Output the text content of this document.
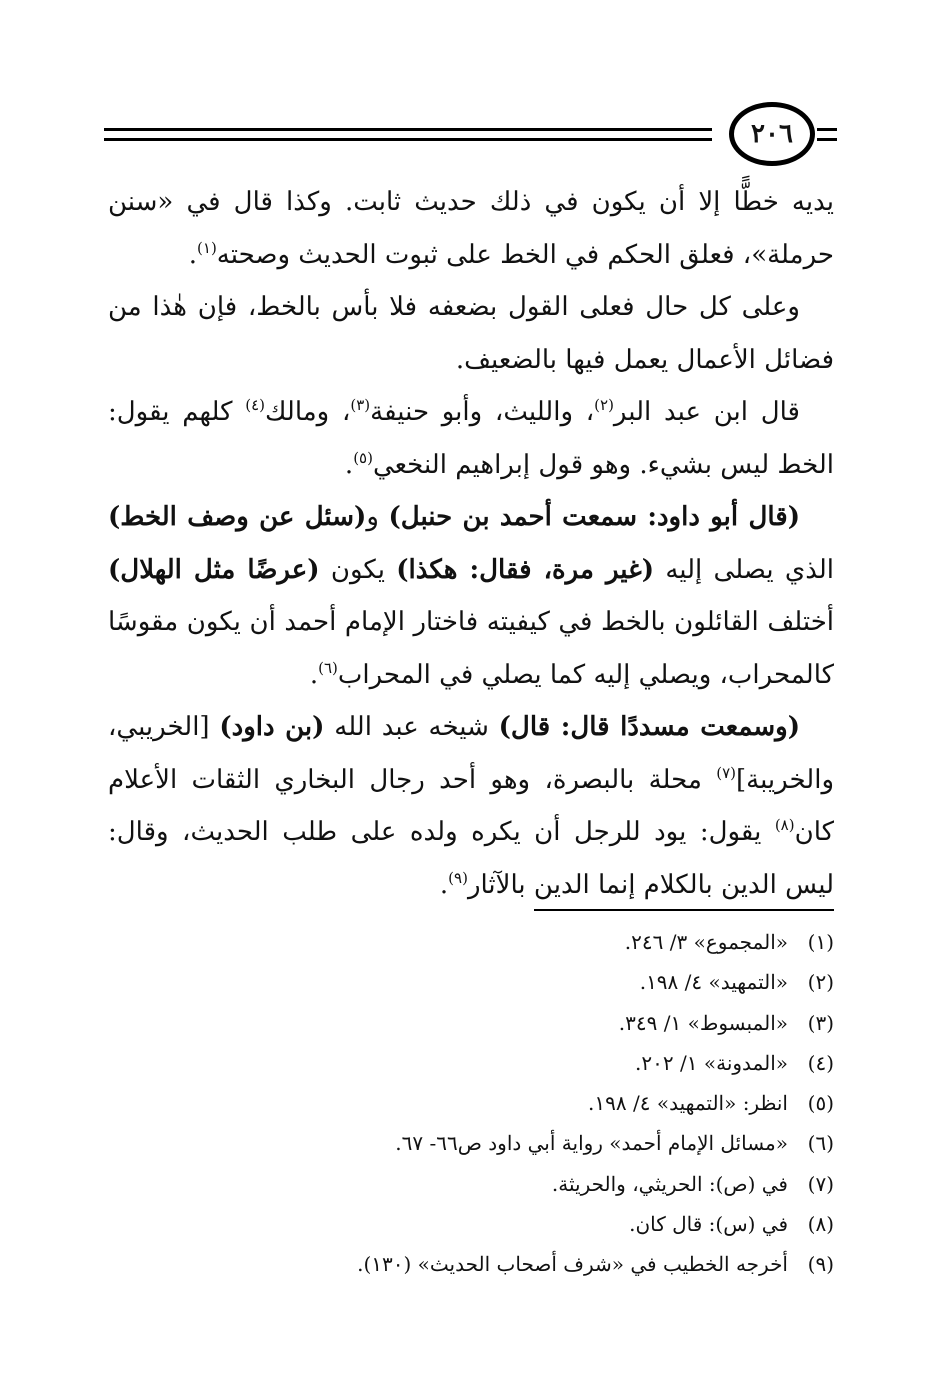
٢٠٦

يديه خطًّا إلا أن يكون في ذلك حديث ثابت. وكذا قال في «سنن حرملة»، فعلق الحكم في الخط على ثبوت الحديث وصحته$^{(١)}$.

وعلى كل حال فعلى القول بضعفه فلا بأس بالخط، فإن هٰذا من فضائل الأعمال يعمل فيها بالضعيف.

قال ابن عبد البر$^{(٢)}$، والليث، وأبو حنيفة$^{(٣)}$، ومالك$^{(٤)}$ كلهم يقول: الخط ليس بشيء. وهو قول إبراهيم النخعي$^{(٥)}$.

(قال أبو داود: سمعت أحمد بن حنبل) و(سئل عن وصف الخط) الذي يصلى إليه (غير مرة، فقال: هكذا) يكون (عرضًا مثل الهلال) أختلف القائلون بالخط في كيفيته فاختار الإمام أحمد أن يكون مقوسًا كالمحراب، ويصلي إليه كما يصلي في المحراب$^{(٦)}$.

(وسمعت مسددًا قال: قال) شيخه عبد الله (بن داود) [الخريبي، والخريبة]$^{(٧)}$ محلة بالبصرة، وهو أحد رجال البخاري الثقات الأعلام كان$^{(٨)}$ يقول: يود للرجل أن يكره ولده على طلب الحديث، وقال: ليس الدين بالكلام إنما الدين بالآثار$^{(٩)}$.

(١)
«المجموع» ٣/ ٢٤٦.
(٢)
«التمهيد» ٤/ ١٩٨.
(٣)
«المبسوط» ١/ ٣٤٩.
(٤)
«المدونة» ١/ ٢٠٢.
(٥)
انظر: «التمهيد» ٤/ ١٩٨.
(٦)
«مسائل الإمام أحمد» رواية أبي داود ص٦٦- ٦٧.
(٧)
في (ص): الحريثي، والحريثة.
(٨)
في (س): قال كان.
(٩)
أخرجه الخطيب في «شرف أصحاب الحديث» (١٣٠).
